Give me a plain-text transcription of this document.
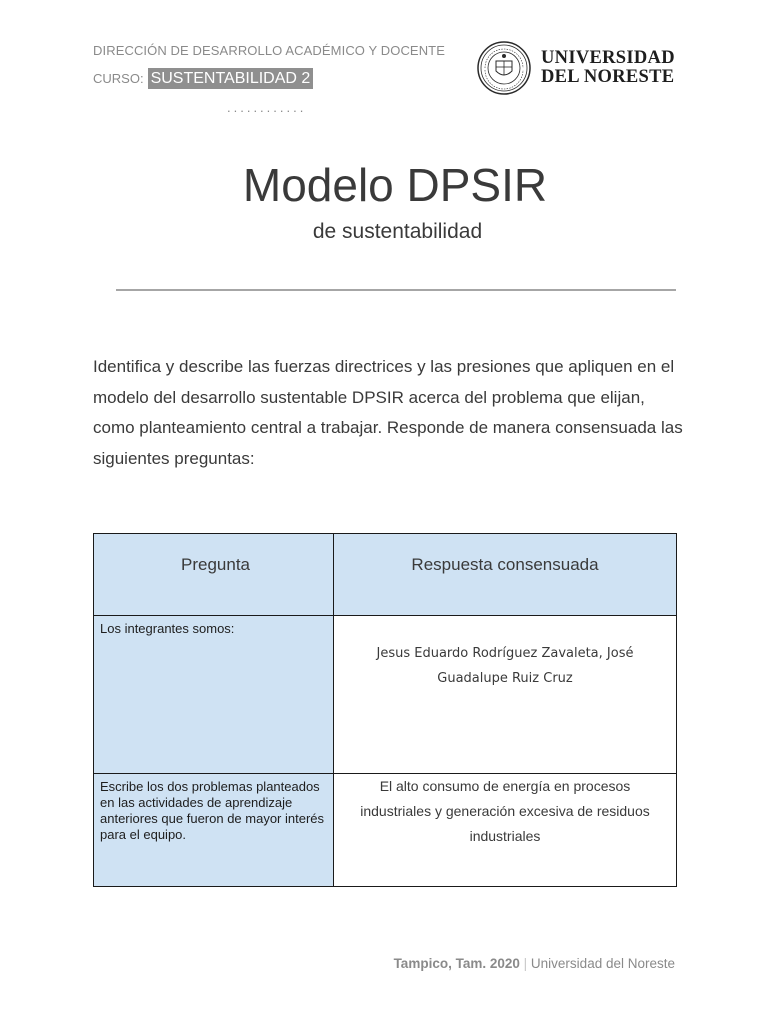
DIRECCIÓN DE DESARROLLO ACADÉMICO Y DOCENTE
CURSO: SUSTENTABILIDAD 2
............
UNIVERSIDAD
DEL NORESTE
Modelo DPSIR
de sustentabilidad

Identifica y describe las fuerzas directrices y las presiones que apliquen en el modelo del desarrollo sustentable DPSIR acerca del problema que elijan, como planteamiento central a trabajar. Responde de manera consensuada las siguientes preguntas:

Pregunta	Respuesta consensuada
Los integrantes somos:	Jesus Eduardo Rodríguez Zavaleta, José Guadalupe Ruiz Cruz
Escribe los dos problemas planteados en las actividades de aprendizaje anteriores que fueron de mayor interés para el equipo.	El alto consumo de energía en procesos industriales y generación excesiva de residuos industriales
Tampico, Tam. 2020 | Universidad del Noreste
